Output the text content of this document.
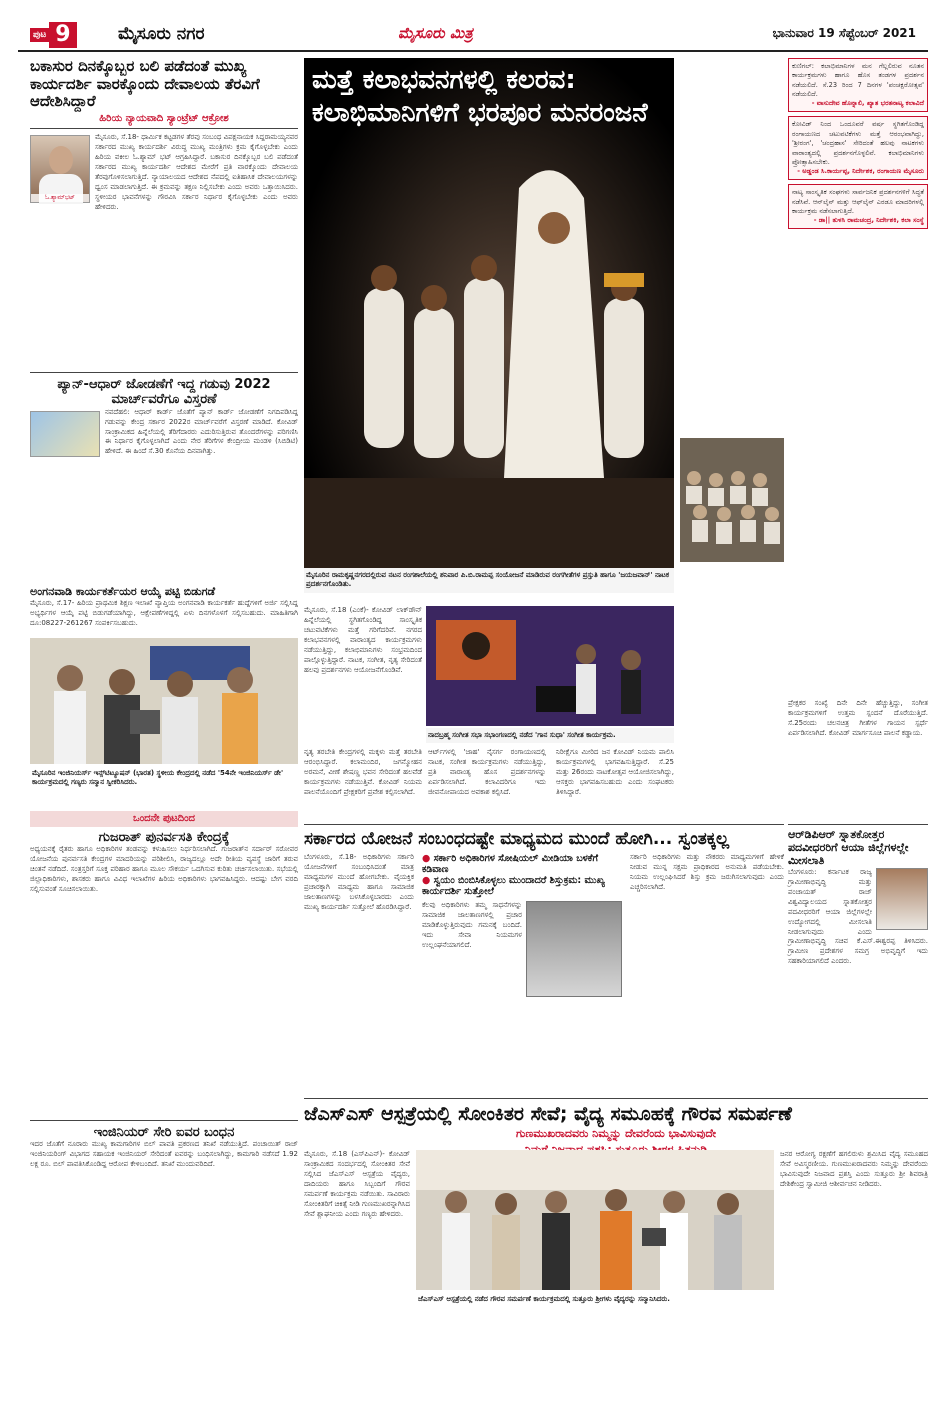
ಪುಟ 9	ಮೈಸೂರು ನಗರ	ಮೈಸೂರು ಮಿತ್ರ	ಭಾನುವಾರ 19 ಸೆಪ್ಟೆಂಬರ್ 2021
ಬಕಾಸುರ ದಿನಕ್ಕೊಬ್ಬರ ಬಲಿ ಪಡೆದಂತೆ ಮುಖ್ಯ ಕಾರ್ಯದರ್ಶಿ ವಾರಕ್ಕೊಂದು ದೇವಾಲಯ ತೆರವಿಗೆ ಆದೇಶಿಸಿದ್ದಾರೆ
ಹಿರಿಯ ನ್ಯಾಯವಾದಿ ಸ್ಯಾಂಟ್ರೆಟ್ ಆಕ್ರೋಶ
ಓ.ಶ್ಯಾಮ್‌ಭಟ್
ಮೈಸೂರು, ಸೆ.18- ಧಾರ್ಮಿಕ ಕಟ್ಟಡಗಳ ತೆರವು ಸಂಬಂಧ ವಿಪಕ್ಷನಾಯಕ ಸಿದ್ದರಾಮಯ್ಯನವರ ಸರ್ಕಾರದ ಮುಖ್ಯ ಕಾರ್ಯದರ್ಶಿ ವಿರುದ್ಧ ಮುಖ್ಯ ಮಂತ್ರಿಗಳು ಕ್ರಮ ಕೈಗೊಳ್ಳಬೇಕು ಎಂದು ಹಿರಿಯ ವಕೀಲ ಓ.ಶ್ಯಾಮ್ ಭಟ್ ಆಗ್ರಹಿಸಿದ್ದಾರೆ. ಬಕಾಸುರ ದಿನಕ್ಕೊಬ್ಬರ ಬಲಿ ಪಡೆದಂತೆ ಸರ್ಕಾರದ ಮುಖ್ಯ ಕಾರ್ಯದರ್ಶಿ ಆದೇಶದ ಮೇರೆಗೆ ಪ್ರತಿ ವಾರಕ್ಕೊಂದು ದೇವಾಲಯ ತೆರವುಗೊಳಿಸಲಾಗುತ್ತಿದೆ. ನ್ಯಾಯಾಲಯದ ಆದೇಶದ ನೆಪದಲ್ಲಿ ಐತಿಹಾಸಿಕ ದೇವಾಲಯಗಳನ್ನು ಧ್ವಂಸ ಮಾಡಲಾಗುತ್ತಿದೆ. ಈ ಕ್ರಮವನ್ನು ತಕ್ಷಣ ನಿಲ್ಲಿಸಬೇಕು ಎಂದು ಅವರು ಒತ್ತಾಯಿಸಿದರು. ಸ್ಥಳೀಯರ ಭಾವನೆಗಳನ್ನು ಗೌರವಿಸಿ ಸರ್ಕಾರ ನಿರ್ಧಾರ ಕೈಗೊಳ್ಳಬೇಕು ಎಂದು ಅವರು ಹೇಳಿದರು.
ಪ್ಯಾನ್-ಆಧಾರ್ ಜೋಡಣೆಗೆ ಇದ್ದ ಗಡುವು 2022 ಮಾರ್ಚ್‌ವರೆಗೂ ವಿಸ್ತರಣೆ
ನವದೆಹಲಿ: ಆಧಾರ್ ಕಾರ್ಡ್ ಜೊತೆಗೆ ಪ್ಯಾನ್ ಕಾರ್ಡ್ ಜೋಡಣೆಗೆ ನಿಗದಿಪಡಿಸಿದ್ದ ಗಡುವನ್ನು ಕೇಂದ್ರ ಸರ್ಕಾರ 2022ರ ಮಾರ್ಚ್‌ವರೆಗೆ ವಿಸ್ತರಣೆ ಮಾಡಿದೆ. ಕೋವಿಡ್ ಸಾಂಕ್ರಾಮಿಕದ ಹಿನ್ನೆಲೆಯಲ್ಲಿ ತೆರಿಗೆದಾರರು ಎದುರಿಸುತ್ತಿರುವ ತೊಂದರೆಗಳನ್ನು ಪರಿಗಣಿಸಿ ಈ ನಿರ್ಧಾರ ಕೈಗೊಳ್ಳಲಾಗಿದೆ ಎಂದು ನೇರ ತೆರಿಗೆಗಳ ಕೇಂದ್ರೀಯ ಮಂಡಳಿ (ಸಿಬಿಡಿಟಿ) ಹೇಳಿದೆ. ಈ ಹಿಂದೆ ಸೆ.30 ಕೊನೆಯ ದಿನವಾಗಿತ್ತು.
ಅಂಗನವಾಡಿ ಕಾರ್ಯಕರ್ತೆಯರ ಆಯ್ಕೆ ಪಟ್ಟಿ ಬಿಡುಗಡೆ
ಮೈಸೂರು, ಸೆ.17- ಹಿರಿಯ ಪ್ರಾಥಮಿಕ ಶಿಕ್ಷಣ ಇಲಾಖೆ ವ್ಯಾಪ್ತಿಯ ಅಂಗನವಾಡಿ ಕಾರ್ಯಕರ್ತೆ ಹುದ್ದೆಗಳಿಗೆ ಅರ್ಜಿ ಸಲ್ಲಿಸಿದ್ದ ಅಭ್ಯರ್ಥಿಗಳ ಆಯ್ಕೆ ಪಟ್ಟಿ ಬಿಡುಗಡೆಯಾಗಿದ್ದು, ಆಕ್ಷೇಪಣೆಗಳಿದ್ದಲ್ಲಿ ಏಳು ದಿನಗಳೊಳಗೆ ಸಲ್ಲಿಸಬಹುದು. ಮಾಹಿತಿಗಾಗಿ ದೂ:08227-261267 ಸಂಪರ್ಕಿಸಬಹುದು.
ಮೈಸೂರಿನ ಇಂಜಿನಿಯರ್ಸ್ ಇನ್ಸ್‌ಟಿಟ್ಯೂಷನ್ (ಭಾರತ) ಸ್ಥಳೀಯ ಕೇಂದ್ರದಲ್ಲಿ ನಡೆದ '54ನೇ ಇಂಜಿನಿಯರ್ಸ್ ಡೇ' ಕಾರ್ಯಕ್ರಮದಲ್ಲಿ ಗಣ್ಯರು ಸನ್ಮಾನ ಸ್ವೀಕರಿಸಿದರು.
ಒಂದನೇ ಪುಟದಿಂದ
ಗುಜರಾತ್ ಪುನರ್ವಸತಿ ಕೇಂದ್ರಕ್ಕೆ
ಅಧ್ಯಯನಕ್ಕೆ ರೈತರು ಹಾಗೂ ಅಧಿಕಾರಿಗಳ ತಂಡವನ್ನು ಕಳುಹಿಸಲು ನಿರ್ಧರಿಸಲಾಗಿದೆ. ಗುಜರಾತ್‌ನ ಸರ್ದಾರ್ ಸರೋವರ ಯೋಜನೆಯ ಪುನರ್ವಸತಿ ಕೇಂದ್ರಗಳ ಮಾದರಿಯನ್ನು ಪರಿಶೀಲಿಸಿ, ರಾಜ್ಯದಲ್ಲೂ ಅದೇ ರೀತಿಯ ವ್ಯವಸ್ಥೆ ಜಾರಿಗೆ ತರುವ ಚಿಂತನೆ ನಡೆದಿದೆ. ಸಂತ್ರಸ್ತರಿಗೆ ಸೂಕ್ತ ಪರಿಹಾರ ಹಾಗೂ ಮೂಲ ಸೌಕರ್ಯ ಒದಗಿಸುವ ಕುರಿತು ಚರ್ಚಿಸಲಾಯಿತು. ಸಭೆಯಲ್ಲಿ ಜಿಲ್ಲಾಧಿಕಾರಿಗಳು, ಶಾಸಕರು ಹಾಗೂ ವಿವಿಧ ಇಲಾಖೆಗಳ ಹಿರಿಯ ಅಧಿಕಾರಿಗಳು ಭಾಗವಹಿಸಿದ್ದರು. ಆದಷ್ಟು ಬೇಗ ವರದಿ ಸಲ್ಲಿಸುವಂತೆ ಸೂಚಿಸಲಾಯಿತು.
ಇಂಜಿನಿಯರ್ ಸೇರಿ ಐವರ ಬಂಧನ
ಇದರ ಜೊತೆಗೆ ನೂರಾರು ಮುಖ್ಯ ಕಾಮಗಾರಿಗಳ ಬಿಲ್ ಪಾವತಿ ಪ್ರಕರಣದ ತನಿಖೆ ನಡೆಯುತ್ತಿದೆ. ಪಂಚಾಯಿತ್ ರಾಜ್ ಇಂಜಿನಿಯರಿಂಗ್ ವಿಭಾಗದ ಸಹಾಯಕ ಇಂಜಿನಿಯರ್ ಸೇರಿದಂತೆ ಐವರನ್ನು ಬಂಧಿಸಲಾಗಿದ್ದು, ಕಾಮಗಾರಿ ನಡೆಸದೆ 1.92 ಲಕ್ಷ ರೂ. ಬಿಲ್ ಪಾವತಿಸಿಕೊಂಡಿದ್ದ ಆರೋಪ ಕೇಳಿಬಂದಿದೆ. ತನಿಖೆ ಮುಂದುವರಿದಿದೆ.
ಮತ್ತೆ ಕಲಾಭವನಗಳಲ್ಲಿ ಕಲರವ: ಕಲಾಭಿಮಾನಿಗಳಿಗೆ ಭರಪೂರ ಮನರಂಜನೆ
ಮೈಸೂರಿನ ರಾಮಕೃಷ್ಣನಗರದಲ್ಲಿರುವ ನಟನ ರಂಗಶಾಲೆಯಲ್ಲಿ ಶನಿವಾರ ಪಿ.ಬಿ.ರಾಮಪ್ಪ ಸಂಯೋಜನೆ ಮಾಡಿರುವ ರಂಗಗೀತೆಗಳ ಪ್ರಸ್ತುತಿ ಹಾಗೂ 'ಜಯಜವಾನ್' ನಾಟಕ ಪ್ರದರ್ಶನಗೊಂಡಿತು.
ಮೈಸೂರು, ಸೆ.18 (ಎಂಕೆ)- ಕೋವಿಡ್ ಲಾಕ್‌ಡೌನ್ ಹಿನ್ನೆಲೆಯಲ್ಲಿ ಸ್ಥಗಿತಗೊಂಡಿದ್ದ ಸಾಂಸ್ಕೃತಿಕ ಚಟುವಟಿಕೆಗಳು ಮತ್ತೆ ಗರಿಗೆದರಿವೆ. ನಗರದ ಕಲಾಭವನಗಳಲ್ಲಿ ವಾರಾಂತ್ಯದ ಕಾರ್ಯಕ್ರಮಗಳು ನಡೆಯುತ್ತಿದ್ದು, ಕಲಾಭಿಮಾನಿಗಳು ಸಂಭ್ರಮದಿಂದ ಪಾಲ್ಗೊಳ್ಳುತ್ತಿದ್ದಾರೆ. ನಾಟಕ, ಸಂಗೀತ, ನೃತ್ಯ ಸೇರಿದಂತೆ ಹಲವು ಪ್ರದರ್ಶನಗಳು ಆಯೋಜನೆಗೊಂಡಿವೆ.
ನಾದಬ್ರಹ್ಮ ಸಂಗೀತ ಸಭಾ ಸಭಾಂಗಣದಲ್ಲಿ ನಡೆದ 'ಗಾನ ಸುಧಾ' ಸಂಗೀತ ಕಾರ್ಯಕ್ರಮ.
ನೃತ್ಯ ತರಬೇತಿ ಕೇಂದ್ರಗಳಲ್ಲಿ ಮಕ್ಕಳು ಮತ್ತೆ ತರಬೇತಿ ಆರಂಭಿಸಿದ್ದಾರೆ. ಕಲಾಮಂದಿರ, ಜಗನ್ಮೋಹನ ಅರಮನೆ, ವೀಣೆ ಶೇಷಣ್ಣ ಭವನ ಸೇರಿದಂತೆ ಹಲವೆಡೆ ಕಾರ್ಯಕ್ರಮಗಳು ನಡೆಯುತ್ತಿವೆ. ಕೋವಿಡ್ ನಿಯಮ ಪಾಲನೆಯೊಂದಿಗೆ ಪ್ರೇಕ್ಷಕರಿಗೆ ಪ್ರವೇಶ ಕಲ್ಪಿಸಲಾಗಿದೆ.
ಆರ್ಟ್‌ಗಳಲ್ಲಿ 'ಜಾಹ' ನೈಸರ್ಗ ರಂಗಾಯಣದಲ್ಲಿ ನಾಟಕ, ಸಂಗೀತ ಕಾರ್ಯಕ್ರಮಗಳು ನಡೆಯುತ್ತಿದ್ದು, ಪ್ರತಿ ವಾರಾಂತ್ಯ ಹೊಸ ಪ್ರದರ್ಶನಗಳನ್ನು ಏರ್ಪಡಿಸಲಾಗಿದೆ. ಕಲಾವಿದರಿಗೂ ಇದು ಜೀವನೋಪಾಯದ ಅವಕಾಶ ಕಲ್ಪಿಸಿದೆ.
ನಿರೀಕ್ಷೆಗೂ ಮೀರಿದ ಜನ ಕೋವಿಡ್ ನಿಯಮ ಪಾಲಿಸಿ ಕಾರ್ಯಕ್ರಮಗಳಲ್ಲಿ ಭಾಗವಹಿಸುತ್ತಿದ್ದಾರೆ. ಸೆ.25 ಮತ್ತು 26ರಂದು ನಾಟಕೋತ್ಸವ ಆಯೋಜಿಸಲಾಗಿದ್ದು, ಆಸಕ್ತರು ಭಾಗವಹಿಸಬಹುದು ಎಂದು ಸಂಘಟಕರು ತಿಳಿಸಿದ್ದಾರೆ.
ಕುಣಿಗಲ್: ಕಲಾಭಿಮಾನಿಗಳ ಮನ ಗೆಲ್ಲಲಿರುವ ನೂತನ ಕಾರ್ಯಕ್ರಮಗಳು ಹಾಗೂ ಹೊಸ ತಂಡಗಳ ಪ್ರದರ್ಶನ ನಡೆಯಲಿದೆ. ಸೆ.23 ರಿಂದ 7 ದಿನಗಳ 'ಪಂಚಕ್ಷರೋತ್ಸವ' ನಡೆಯಲಿದೆ.
- ವಾಸುದೇವ ಹೊನ್ನಾಲಿ, ಖ್ಯಾತ ಭರತನಾಟ್ಯ ಕಲಾವಿದೆ
ಕೋವಿಡ್ ನಿಂದ ಒಂದೂವರೆ ವರ್ಷ ಸ್ಥಗಿತಗೊಂಡಿದ್ದ ರಂಗಾಯಣದ ಚಟುವಟಿಕೆಗಳು ಮತ್ತೆ ಆರಂಭವಾಗಿದ್ದು, 'ಶ್ರೀರಂಗ', 'ಚಂದ್ರಹಾಸ' ಸೇರಿದಂತೆ ಹಲವು ನಾಟಕಗಳು ವಾರಾಂತ್ಯದಲ್ಲಿ ಪ್ರದರ್ಶನಗೊಳ್ಳಲಿವೆ. ಕಲಾಭಿಮಾನಿಗಳು ಪ್ರೋತ್ಸಾಹಿಸಬೇಕು.
- ಅಡ್ಡಂಡ ಸಿ.ಕಾರ್ಯಪ್ಪ, ನಿರ್ದೇಶಕ, ರಂಗಾಯಣ ಮೈಸೂರು
ನಾಟ್ಯ ಸಾಂಸ್ಕೃತಿಕ ಸಂಘಗಳು ಸಾರ್ವಜನಿಕ ಪ್ರದರ್ಶನಗಳಿಗೆ ಸಿದ್ಧತೆ ನಡೆಸಿವೆ. ಆನ್‌ಲೈನ್ ಮತ್ತು ಆಫ್‌ಲೈನ್ ಎರಡೂ ಮಾದರಿಗಳಲ್ಲಿ ಕಾರ್ಯಕ್ರಮ ನಡೆಸಲಾಗುತ್ತಿದೆ.
- ಡಾ|| ತುಳಸಿ ರಾಮಚಂದ್ರ, ನಿರ್ದೇಶಕಿ, ಕಲಾ ಸಂಸ್ಥೆ
ಪ್ರೇಕ್ಷಕರ ಸಂಖ್ಯೆ ದಿನೇ ದಿನೇ ಹೆಚ್ಚುತ್ತಿದ್ದು, ಸಂಗೀತ ಕಾರ್ಯಕ್ರಮಗಳಿಗೆ ಉತ್ತಮ ಸ್ಪಂದನೆ ದೊರೆಯುತ್ತಿದೆ. ಸೆ.25ರಂದು ಚಲನಚಿತ್ರ ಗೀತೆಗಳ ಗಾಯನ ಸ್ಪರ್ಧೆ ಏರ್ಪಡಿಸಲಾಗಿದೆ. ಕೋವಿಡ್ ಮಾರ್ಗಸೂಚಿ ಪಾಲನೆ ಕಡ್ಡಾಯ.
ಸರ್ಕಾರದ ಯೋಜನೆ ಸಂಬಂಧದಷ್ಟೇ ಮಾಧ್ಯಮದ ಮುಂದೆ ಹೋಗಿ... ಸ್ವಂತಕ್ಕಲ್ಲ
ಬೆಂಗಳೂರು, ಸೆ.18- ಅಧಿಕಾರಿಗಳು ಸರ್ಕಾರಿ ಯೋಜನೆಗಳಿಗೆ ಸಂಬಂಧಿಸಿದಂತೆ ಮಾತ್ರ ಮಾಧ್ಯಮಗಳ ಮುಂದೆ ಹೋಗಬೇಕು. ವೈಯಕ್ತಿಕ ಪ್ರಚಾರಕ್ಕಾಗಿ ಮಾಧ್ಯಮ ಹಾಗೂ ಸಾಮಾಜಿಕ ಜಾಲತಾಣಗಳನ್ನು ಬಳಸಿಕೊಳ್ಳಬಾರದು ಎಂದು ಮುಖ್ಯ ಕಾರ್ಯದರ್ಶಿ ಸುತ್ತೋಲೆ ಹೊರಡಿಸಿದ್ದಾರೆ.
● ಸರ್ಕಾರಿ ಅಧಿಕಾರಿಗಳ ಸೋಷಿಯಲ್ ಮೀಡಿಯಾ ಬಳಕೆಗೆ ಕಡಿವಾಣ
● ಸ್ವಯಂ ಬಿಂಬಿಸಿಕೊಳ್ಳಲು ಮುಂದಾದರೆ ಶಿಸ್ತುಕ್ರಮ: ಮುಖ್ಯ ಕಾರ್ಯದರ್ಶಿ ಸುತ್ತೋಲೆ
ಕೆಲವು ಅಧಿಕಾರಿಗಳು ತಮ್ಮ ಸಾಧನೆಗಳನ್ನು ಸಾಮಾಜಿಕ ಜಾಲತಾಣಗಳಲ್ಲಿ ಪ್ರಚಾರ ಮಾಡಿಕೊಳ್ಳುತ್ತಿರುವುದು ಗಮನಕ್ಕೆ ಬಂದಿದೆ. ಇದು ಸೇವಾ ನಿಯಮಗಳ ಉಲ್ಲಂಘನೆಯಾಗಲಿದೆ.
ಸರ್ಕಾರಿ ಅಧಿಕಾರಿಗಳು ಮತ್ತು ನೌಕರರು ಮಾಧ್ಯಮಗಳಿಗೆ ಹೇಳಿಕೆ ನೀಡುವ ಮುನ್ನ ಸಕ್ಷಮ ಪ್ರಾಧಿಕಾರದ ಅನುಮತಿ ಪಡೆಯಬೇಕು. ನಿಯಮ ಉಲ್ಲಂಘಿಸಿದರೆ ಶಿಸ್ತು ಕ್ರಮ ಜರುಗಿಸಲಾಗುವುದು ಎಂದು ಎಚ್ಚರಿಸಲಾಗಿದೆ.
ಆರ್‌ಡಿಪಿಆರ್ ಸ್ನಾತಕೋತ್ತರ ಪದವೀಧರರಿಗೆ ಆಯಾ ಜಿಲ್ಲೆಗಳಲ್ಲೇ ಮೀಸಲಾತಿ
ಬೆಂಗಳೂರು: ಕರ್ನಾಟಕ ರಾಜ್ಯ ಗ್ರಾಮೀಣಾಭಿವೃದ್ಧಿ ಮತ್ತು ಪಂಚಾಯತ್ ರಾಜ್ ವಿಶ್ವವಿದ್ಯಾಲಯದ ಸ್ನಾತಕೋತ್ತರ ಪದವೀಧರರಿಗೆ ಆಯಾ ಜಿಲ್ಲೆಗಳಲ್ಲೇ ಉದ್ಯೋಗದಲ್ಲಿ ಮೀಸಲಾತಿ ನೀಡಲಾಗುವುದು ಎಂದು ಗ್ರಾಮೀಣಾಭಿವೃದ್ಧಿ ಸಚಿವ ಕೆ.ಎಸ್.ಈಶ್ವರಪ್ಪ ತಿಳಿಸಿದರು. ಗ್ರಾಮೀಣ ಪ್ರದೇಶಗಳ ಸಮಗ್ರ ಅಭಿವೃದ್ಧಿಗೆ ಇದು ಸಹಕಾರಿಯಾಗಲಿದೆ ಎಂದರು.
ಜೆಎಸ್‌ಎಸ್ ಆಸ್ಪತ್ರೆಯಲ್ಲಿ ಸೋಂಕಿತರ ಸೇವೆ; ವೈದ್ಯ ಸಮೂಹಕ್ಕೆ ಗೌರವ ಸಮರ್ಪಣೆ
ಗುಣಮುಖರಾದವರು ನಿಮ್ಮನ್ನು ದೇವರೆಂದು ಭಾವಿಸುವುದೇ
ಮೈಸೂರು, ಸೆ.18 (ಎಸ್‌ಪಿಎನ್)- ಕೋವಿಡ್ ಸಾಂಕ್ರಾಮಿಕದ ಸಂದರ್ಭದಲ್ಲಿ ಸೋಂಕಿತರ ಸೇವೆ ಸಲ್ಲಿಸಿದ ಜೆಎಸ್‌ಎಸ್ ಆಸ್ಪತ್ರೆಯ ವೈದ್ಯರು, ದಾದಿಯರು ಹಾಗೂ ಸಿಬ್ಬಂದಿಗೆ ಗೌರವ ಸಮರ್ಪಣೆ ಕಾರ್ಯಕ್ರಮ ನಡೆಯಿತು. ಸಾವಿರಾರು ಸೋಂಕಿತರಿಗೆ ಚಿಕಿತ್ಸೆ ನೀಡಿ ಗುಣಮುಖರನ್ನಾಗಿಸಿದ ಸೇವೆ ಶ್ಲಾಘನೀಯ ಎಂದು ಗಣ್ಯರು ಹೇಳಿದರು.
ಜೆಎಸ್‌ಎಸ್ ಆಸ್ಪತ್ರೆಯಲ್ಲಿ ನಡೆದ ಗೌರವ ಸಮರ್ಪಣೆ ಕಾರ್ಯಕ್ರಮದಲ್ಲಿ ಸುತ್ತೂರು ಶ್ರೀಗಳು ವೈದ್ಯರನ್ನು ಸನ್ಮಾನಿಸಿದರು.
ಜನರ ಆರೋಗ್ಯ ರಕ್ಷಣೆಗೆ ಹಗಲಿರುಳು ಶ್ರಮಿಸಿದ ವೈದ್ಯ ಸಮೂಹದ ಸೇವೆ ಅವಿಸ್ಮರಣೀಯ. ಗುಣಮುಖರಾದವರು ನಿಮ್ಮನ್ನು ದೇವರೆಂದು ಭಾವಿಸುವುದೇ ನಿಜವಾದ ಪ್ರಶಸ್ತಿ ಎಂದು ಸುತ್ತೂರು ಶ್ರೀ ಶಿವರಾತ್ರಿ ದೇಶಿಕೇಂದ್ರ ಸ್ವಾಮೀಜಿ ಆಶೀರ್ವಚನ ನೀಡಿದರು.
